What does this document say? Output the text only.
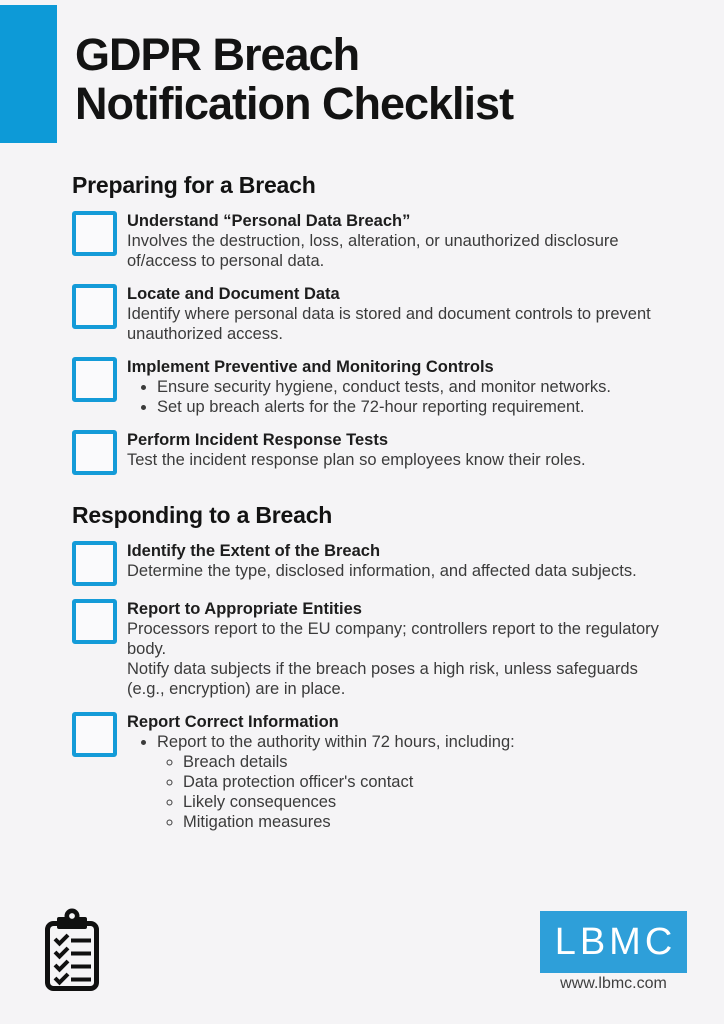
GDPR Breach
Notification Checklist
Preparing for a Breach
Understand “Personal Data Breach”
Involves the destruction, loss, alteration, or unauthorized disclosure of/access to personal data.
Locate and Document Data
Identify where personal data is stored and document controls to prevent unauthorized access.
Implement Preventive and Monitoring Controls
• Ensure security hygiene, conduct tests, and monitor networks.
• Set up breach alerts for the 72-hour reporting requirement.
Perform Incident Response Tests
Test the incident response plan so employees know their roles.
Responding to a Breach
Identify the Extent of the Breach
Determine the type, disclosed information, and affected data subjects.
Report to Appropriate Entities
Processors report to the EU company; controllers report to the regulatory body.
Notify data subjects if the breach poses a high risk, unless safeguards (e.g., encryption) are in place.
Report Correct Information
• Report to the authority within 72 hours, including:
◦ Breach details
◦ Data protection officer's contact
◦ Likely consequences
◦ Mitigation measures
LBMC
www.lbmc.com
